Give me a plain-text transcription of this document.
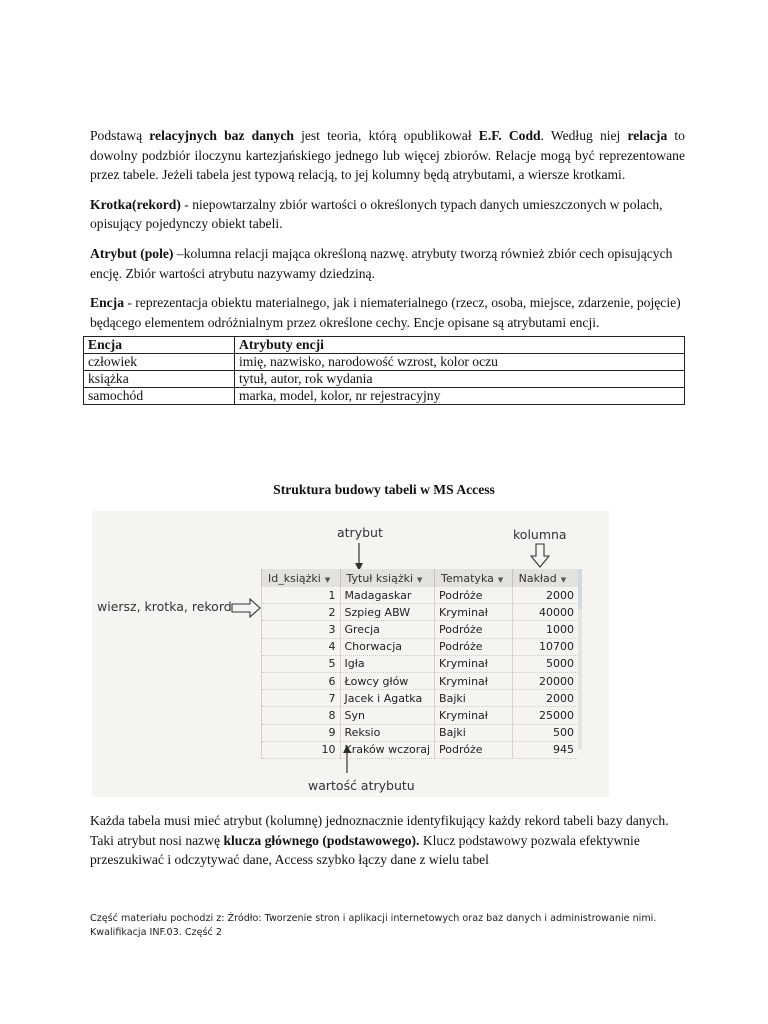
Podstawą relacyjnych baz danych jest teoria, którą opublikował E.F. Codd. Według niej relacja to dowolny podzbiór iloczynu kartezjańskiego jednego lub więcej zbiorów. Relacje mogą być reprezentowane przez tabele. Jeżeli tabela jest typową relacją, to jej kolumny będą atrybutami, a wiersze krotkami.

Krotka(rekord) - niepowtarzalny zbiór wartości o określonych typach danych umieszczonych w polach, opisujący pojedynczy obiekt tabeli.

Atrybut (pole) –kolumna relacji mająca określoną nazwę. atrybuty tworzą również zbiór cech opisujących encję. Zbiór wartości atrybutu nazywamy dziedziną.

Encja - reprezentacja obiektu materialnego, jak i niematerialnego (rzecz, osoba, miejsce, zdarzenie, pojęcie) będącego elementem odróżnialnym przez określone cechy. Encje opisane są atrybutami encji.

Encja	Atrybuty encji
człowiek	imię, nazwisko, narodowość wzrost, kolor oczu
książka	tytuł, autor, rok wydania
samochód	marka, model, kolor, nr rejestracyjny
Struktura budowy tabeli w MS Access
atrybut	kolumna
wiersz, krotka, rekord
wartość atrybutu
Id_książki ▼	Tytuł książki ▼	Tematyka ▼	Nakład ▼
1	Madagaskar	Podróże	2000
2	Szpieg ABW	Kryminał	40000
3	Grecja	Podróże	1000
4	Chorwacja	Podróże	10700
5	Igła	Kryminał	5000
6	Łowcy głów	Kryminał	20000
7	Jacek i Agatka	Bajki	2000
8	Syn	Kryminał	25000
9	Reksio	Bajki	500
10	Kraków wczoraj	Podróże	945

Każda tabela musi mieć atrybut (kolumnę) jednoznacznie identyfikujący każdy rekord tabeli bazy danych. Taki atrybut nosi nazwę klucza głównego (podstawowego). Klucz podstawowy pozwala efektywnie przeszukiwać i odczytywać dane, Access szybko łączy dane z wielu tabel

Część materiału pochodzi z: Źródło: Tworzenie stron i aplikacji internetowych oraz baz danych i administrowanie nimi. Kwalifikacja INF.03. Część 2
